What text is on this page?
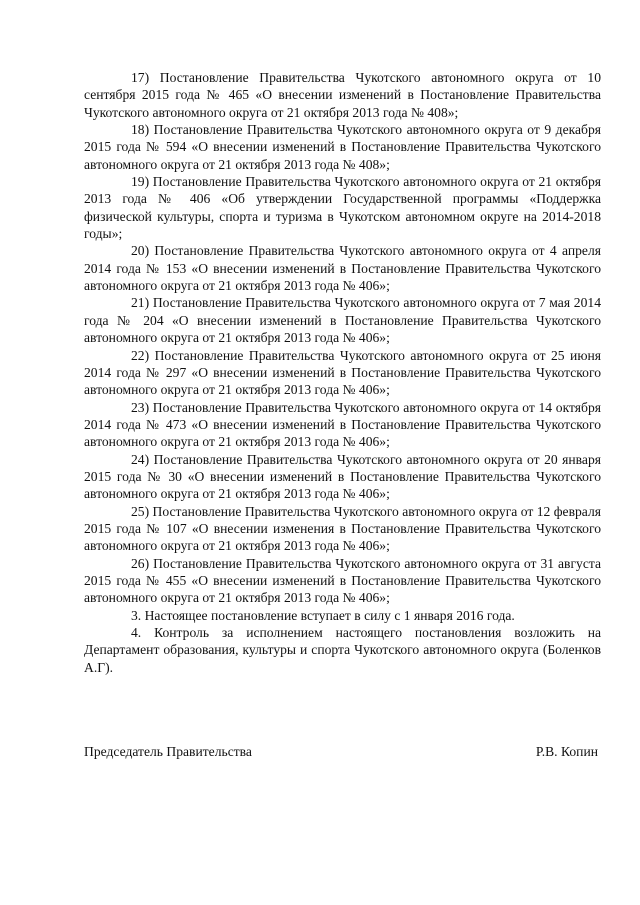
17) Постановление Правительства Чукотского автономного округа от 10 сентября 2015 года № 465 «О внесении изменений в Постановление Правительства Чукотского автономного округа от 21 октября 2013 года № 408»;

18) Постановление Правительства Чукотского автономного округа от 9 декабря 2015 года № 594 «О внесении изменений в Постановление Правительства Чукотского автономного округа от 21 октября 2013 года № 408»;

19) Постановление Правительства Чукотского автономного округа от 21 октября 2013 года № 406 «Об утверждении Государственной программы «Поддержка физической культуры, спорта и туризма в Чукотском автономном округе на 2014-2018 годы»;

20) Постановление Правительства Чукотского автономного округа от 4 апреля 2014 года № 153 «О внесении изменений в Постановление Правительства Чукотского автономного округа от 21 октября 2013 года № 406»;

21) Постановление Правительства Чукотского автономного округа от 7 мая 2014 года № 204 «О внесении изменений в Постановление Правительства Чукотского автономного округа от 21 октября 2013 года № 406»;

22) Постановление Правительства Чукотского автономного округа от 25 июня 2014 года № 297 «О внесении изменений в Постановление Правительства Чукотского автономного округа от 21 октября 2013 года № 406»;

23) Постановление Правительства Чукотского автономного округа от 14 октября 2014 года № 473 «О внесении изменений в Постановление Правительства Чукотского автономного округа от 21 октября 2013 года № 406»;

24) Постановление Правительства Чукотского автономного округа от 20 января 2015 года № 30 «О внесении изменений в Постановление Правительства Чукотского автономного округа от 21 октября 2013 года № 406»;

25) Постановление Правительства Чукотского автономного округа от 12 февраля 2015 года № 107 «О внесении изменения в Постановление Правительства Чукотского автономного округа от 21 октября 2013 года № 406»;

26) Постановление Правительства Чукотского автономного округа от 31 августа 2015 года № 455 «О внесении изменений в Постановление Правительства Чукотского автономного округа от 21 октября 2013 года № 406»;

3. Настоящее постановление вступает в силу с 1 января 2016 года.

4. Контроль за исполнением настоящего постановления возложить на Департамент образования, культуры и спорта Чукотского автономного округа (Боленков А.Г).

Председатель Правительства	Р.В. Копин
